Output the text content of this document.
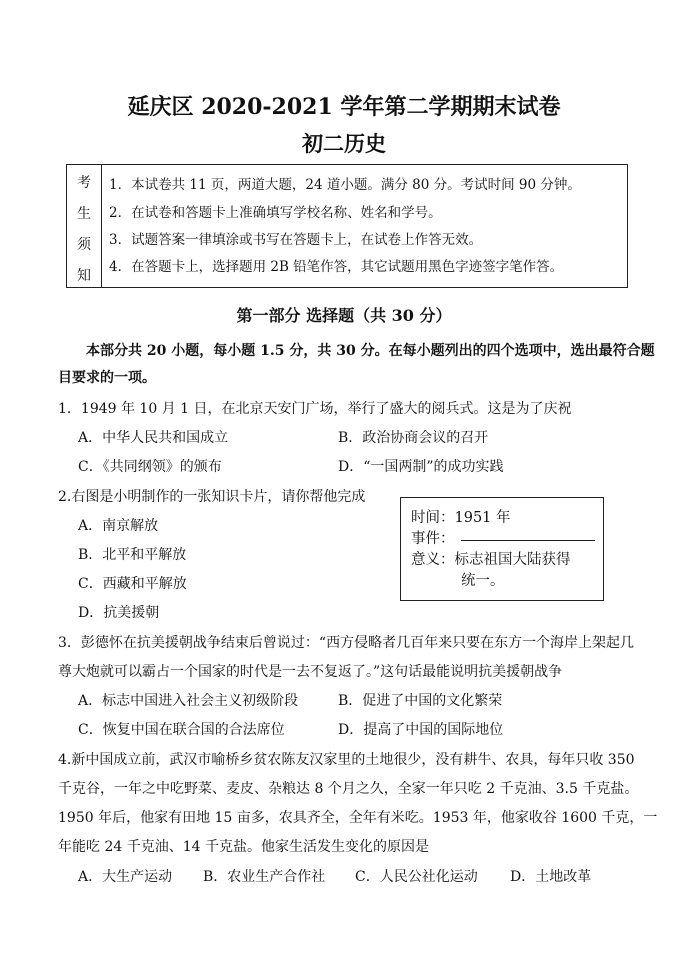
延庆区 2020-2021 学年第二学期期末试卷
初二历史
考
生
须
知
1．本试卷共 11 页，两道大题，24 道小题。满分 80 分。考试时间 90 分钟。
2．在试卷和答题卡上准确填写学校名称、姓名和学号。
3．试题答案一律填涂或书写在答题卡上，在试卷上作答无效。
4．在答题卡上，选择题用 2B 铅笔作答，其它试题用黑色字迹签字笔作答。
第一部分 选择题（共 30 分）
本部分共 20 小题，每小题 1.5 分，共 30 分。在每小题列出的四个选项中，选出最符合题
目要求的一项。
1．1949 年 10 月 1 日，在北京天安门广场，举行了盛大的阅兵式。这是为了庆祝
A．中华人民共和国成立	B．政治协商会议的召开
C．《共同纲领》的颁布	D．“一国两制”的成功实践
2.右图是小明制作的一张知识卡片，请你帮他完成
A．南京解放
B．北平和平解放
C．西藏和平解放
D．抗美援朝
时间：1951 年
事件：
意义：标志祖国大陆获得
统一。
3．彭德怀在抗美援朝战争结束后曾说过：“西方侵略者几百年来只要在东方一个海岸上架起几
尊大炮就可以霸占一个国家的时代是一去不复返了。”这句话最能说明抗美援朝战争
A．标志中国进入社会主义初级阶段	B．促进了中国的文化繁荣
C．恢复中国在联合国的合法席位	D．提高了中国的国际地位
4.新中国成立前，武汉市喻桥乡贫农陈友汉家里的土地很少，没有耕牛、农具，每年只收 350
千克谷，一年之中吃野菜、麦皮、杂粮达 8 个月之久，全家一年只吃 2 千克油、3.5 千克盐。
1950 年后，他家有田地 15 亩多，农具齐全，全年有米吃。1953 年，他家收谷 1600 千克，一
年能吃 24 千克油、14 千克盐。他家生活发生变化的原因是
A．大生产运动 B．农业生产合作社 C．人民公社化运动 D．土地改革
